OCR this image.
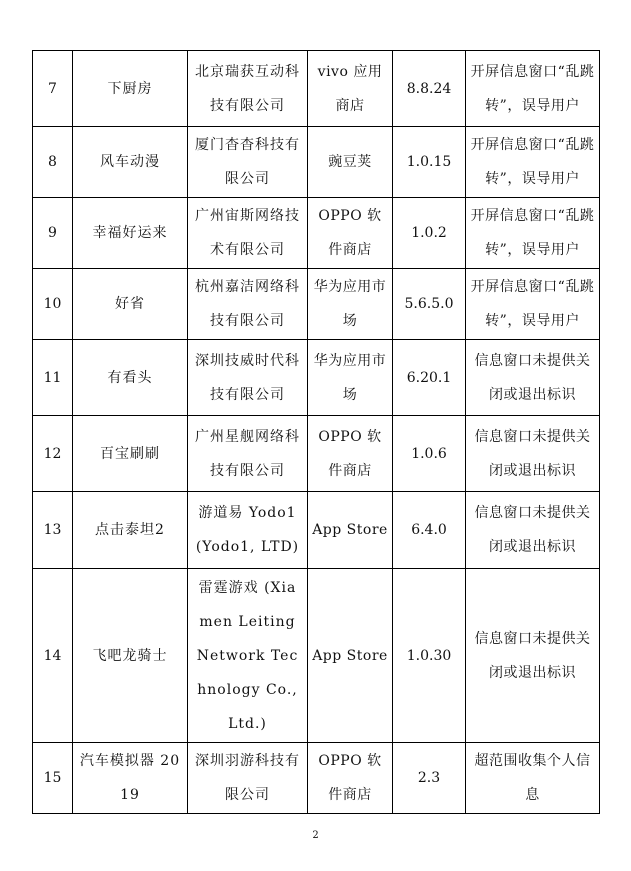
7	下厨房	北京瑞获互动科技有限公司	vivo 应用商店	8.8.24	开屏信息窗口“乱跳转”，误导用户
8	风车动漫	厦门杳杳科技有限公司	豌豆荚	1.0.15	开屏信息窗口“乱跳转”，误导用户
9	幸福好运来	广州宙斯网络技术有限公司	OPPO 软件商店	1.0.2	开屏信息窗口“乱跳转”，误导用户
10	好省	杭州嘉洁网络科技有限公司	华为应用市场	5.6.5.0	开屏信息窗口“乱跳转”，误导用户
11	有看头	深圳技威时代科技有限公司	华为应用市场	6.20.1	信息窗口未提供关闭或退出标识
12	百宝刷刷	广州星舰网络科技有限公司	OPPO 软件商店	1.0.6	信息窗口未提供关闭或退出标识
13	点击泰坦2	游道易 Yodo1 (Yodo1, LTD)	App Store	6.4.0	信息窗口未提供关闭或退出标识
14	飞吧龙骑士	雷霆游戏 (Xiamen Leiting Network Technology Co., Ltd.)	App Store	1.0.30	信息窗口未提供关闭或退出标识
15	汽车模拟器 2019	深圳羽游科技有限公司	OPPO 软件商店	2.3	超范围收集个人信息
2
